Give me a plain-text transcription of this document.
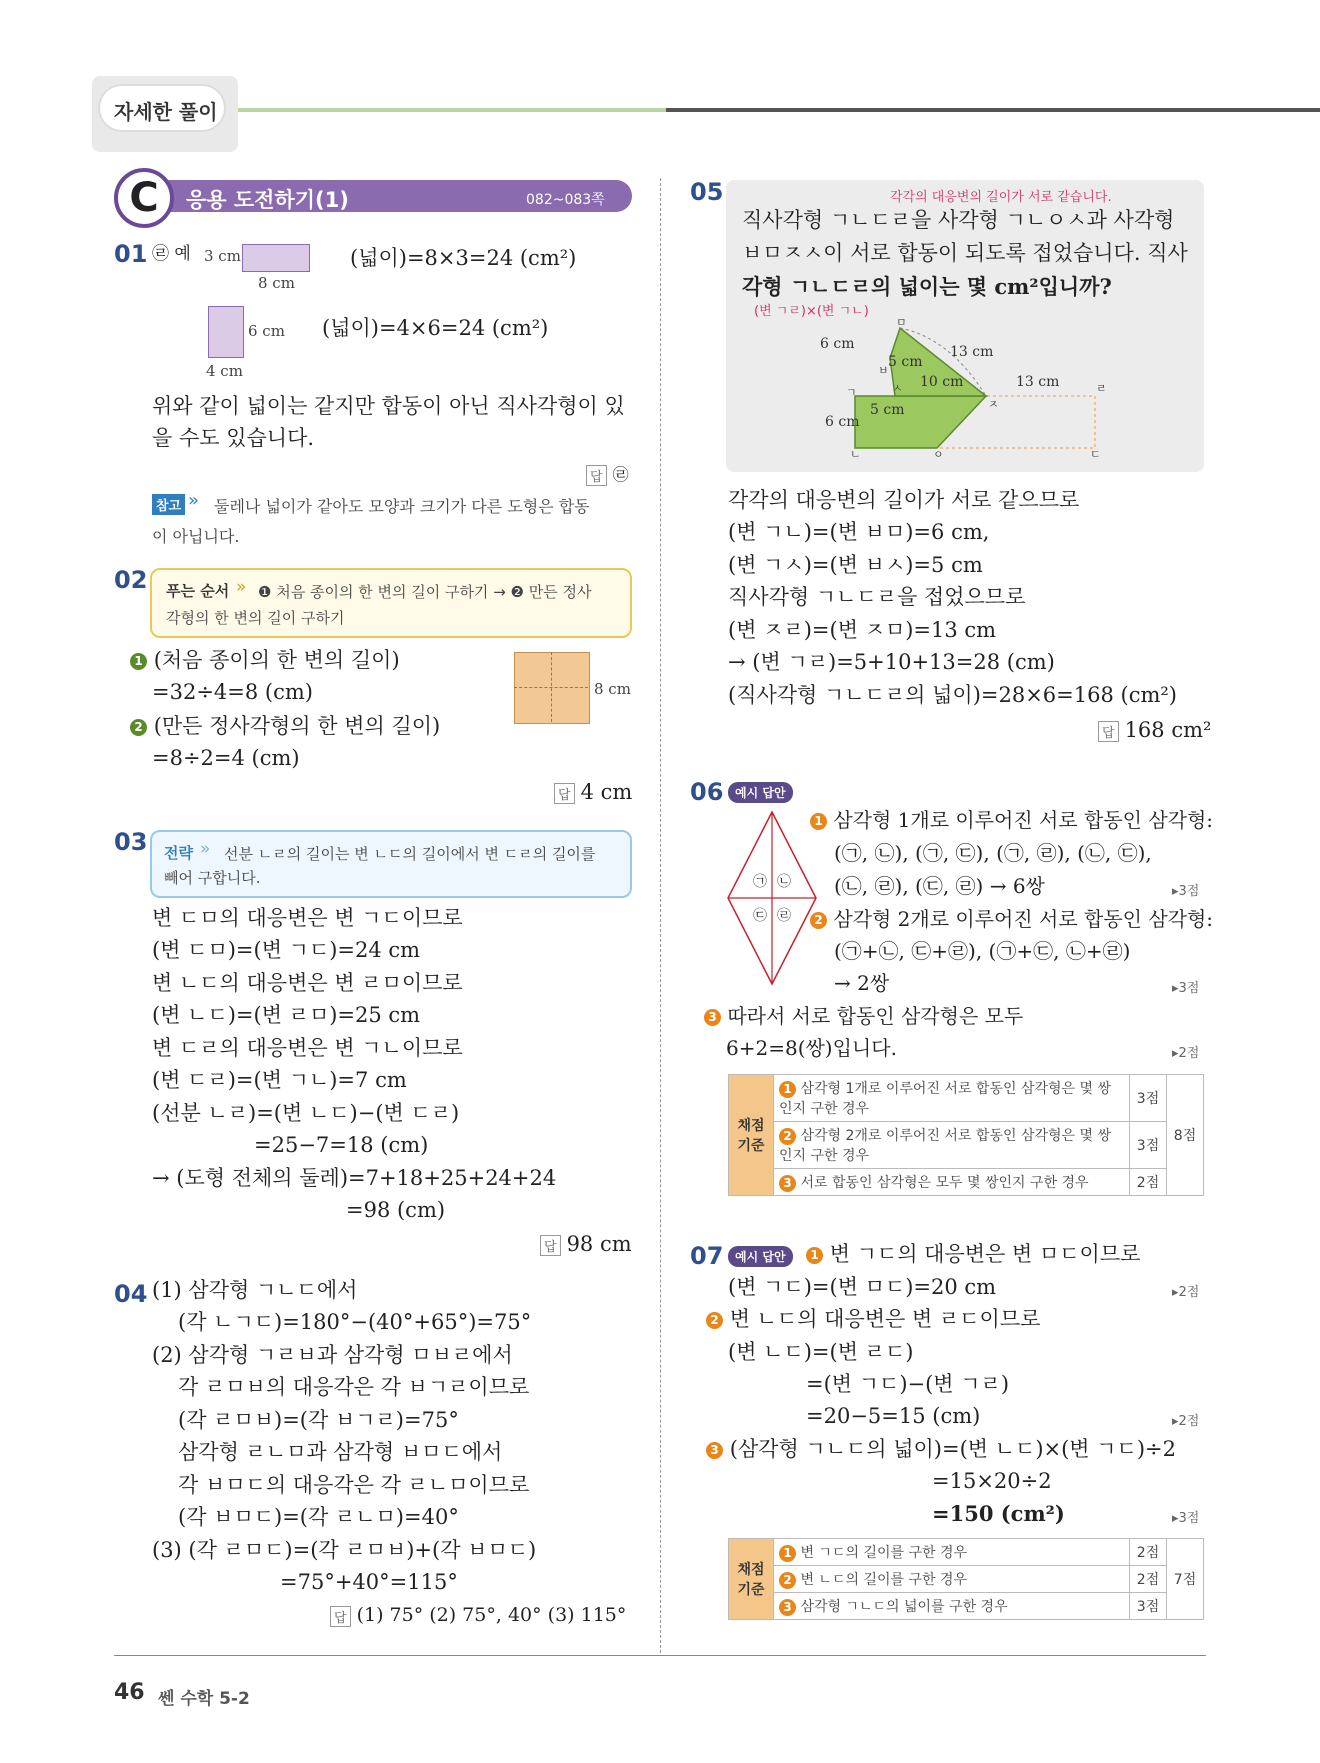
자세한 풀이
C	응용 도전하기(1)	082~083쪽
01 ㉣ 예 3 cm
8 cm
(넓이)=8×3=24 (cm²)
6 cm
4 cm
(넓이)=4×6=24 (cm²)
위와 같이 넓이는 같지만 합동이 아닌 직사각형이 있
을 수도 있습니다.
답 ㉣
참고 » 둘레나 넓이가 같아도 모양과 크기가 다른 도형은 합동
이 아닙니다.
02 푸는 순서 » ❶ 처음 종이의 한 변의 길이 구하기 → ❷ 만든 정사
각형의 한 변의 길이 구하기
1 (처음 종이의 한 변의 길이)
=32÷4=8 (cm)
2 (만든 정사각형의 한 변의 길이)
=8÷2=4 (cm)
8 cm
답 4 cm
03 전략 » 선분 ㄴㄹ의 길이는 변 ㄴㄷ의 길이에서 변 ㄷㄹ의 길이를
빼어 구합니다.
변 ㄷㅁ의 대응변은 변 ㄱㄷ이므로
(변 ㄷㅁ)=(변 ㄱㄷ)=24 cm
변 ㄴㄷ의 대응변은 변 ㄹㅁ이므로
(변 ㄴㄷ)=(변 ㄹㅁ)=25 cm
변 ㄷㄹ의 대응변은 변 ㄱㄴ이므로
(변 ㄷㄹ)=(변 ㄱㄴ)=7 cm
(선분 ㄴㄹ)=(변 ㄴㄷ)−(변 ㄷㄹ)
=25−7=18 (cm)
→ (도형 전체의 둘레)=7+18+25+24+24
=98 (cm)
답 98 cm
04 (1) 삼각형 ㄱㄴㄷ에서
(각 ㄴㄱㄷ)=180°−(40°+65°)=75°
(2) 삼각형 ㄱㄹㅂ과 삼각형 ㅁㅂㄹ에서
각 ㄹㅁㅂ의 대응각은 각 ㅂㄱㄹ이므로
(각 ㄹㅁㅂ)=(각 ㅂㄱㄹ)=75°
삼각형 ㄹㄴㅁ과 삼각형 ㅂㅁㄷ에서
각 ㅂㅁㄷ의 대응각은 각 ㄹㄴㅁ이므로
(각 ㅂㅁㄷ)=(각 ㄹㄴㅁ)=40°
(3) (각 ㄹㅁㄷ)=(각 ㄹㅁㅂ)+(각 ㅂㅁㄷ)
=75°+40°=115°
답 (1) 75° (2) 75°, 40° (3) 115°
05	각각의 대응변의 길이가 서로 같습니다.
직사각형 ㄱㄴㄷㄹ을 사각형 ㄱㄴㅇㅅ과 사각형
ㅂㅁㅈㅅ이 서로 합동이 되도록 접었습니다. 직사
각형 ㄱㄴㄷㄹ의 넓이는 몇 cm²입니까?
(변 ㄱㄹ)×(변 ㄱㄴ)
6 cm
5 cm
13 cm
10 cm	13 cm
5 cm
6 cm
ㅁ
ㅂ
ㄱ	ㅅ
ㅈ
ㄹ
ㄴ	ㅇ	ㄷ
각각의 대응변의 길이가 서로 같으므로
(변 ㄱㄴ)=(변 ㅂㅁ)=6 cm,
(변 ㄱㅅ)=(변 ㅂㅅ)=5 cm
직사각형 ㄱㄴㄷㄹ을 접었으므로
(변 ㅈㄹ)=(변 ㅈㅁ)=13 cm
→ (변 ㄱㄹ)=5+10+13=28 (cm)
(직사각형 ㄱㄴㄷㄹ의 넓이)=28×6=168 (cm²)
답 168 cm²
06 예시 답안
㉠ ㉡
㉢ ㉣
1 삼각형 1개로 이루어진 서로 합동인 삼각형:
(㉠, ㉡), (㉠, ㉢), (㉠, ㉣), (㉡, ㉢),
(㉡, ㉣), (㉢, ㉣) → 6쌍	▸3점
2 삼각형 2개로 이루어진 서로 합동인 삼각형:
(㉠+㉡, ㉢+㉣), (㉠+㉢, ㉡+㉣)
→ 2쌍	▸3점
3 따라서 서로 합동인 삼각형은 모두
6+2=8(쌍)입니다.	▸2점
채점 기준	1 삼각형 1개로 이루어진 서로 합동인 삼각형은 몇 쌍인지 구한 경우	3점	8점
	2 삼각형 2개로 이루어진 서로 합동인 삼각형은 몇 쌍인지 구한 경우	3점	
	3 서로 합동인 삼각형은 모두 몇 쌍인지 구한 경우	2점	
07 예시 답안	1 변 ㄱㄷ의 대응변은 변 ㅁㄷ이므로
(변 ㄱㄷ)=(변 ㅁㄷ)=20 cm	▸2점
2 변 ㄴㄷ의 대응변은 변 ㄹㄷ이므로
(변 ㄴㄷ)=(변 ㄹㄷ)
=(변 ㄱㄷ)−(변 ㄱㄹ)
=20−5=15 (cm)	▸2점
3 (삼각형 ㄱㄴㄷ의 넓이)=(변 ㄴㄷ)×(변 ㄱㄷ)÷2
=15×20÷2
=150 (cm²)	▸3점
채점 기준	1 변 ㄱㄷ의 길이를 구한 경우	2점	7점
	2 변 ㄴㄷ의 길이를 구한 경우	2점	
	3 삼각형 ㄱㄴㄷ의 넓이를 구한 경우	3점	
46 쎈 수학 5-2
